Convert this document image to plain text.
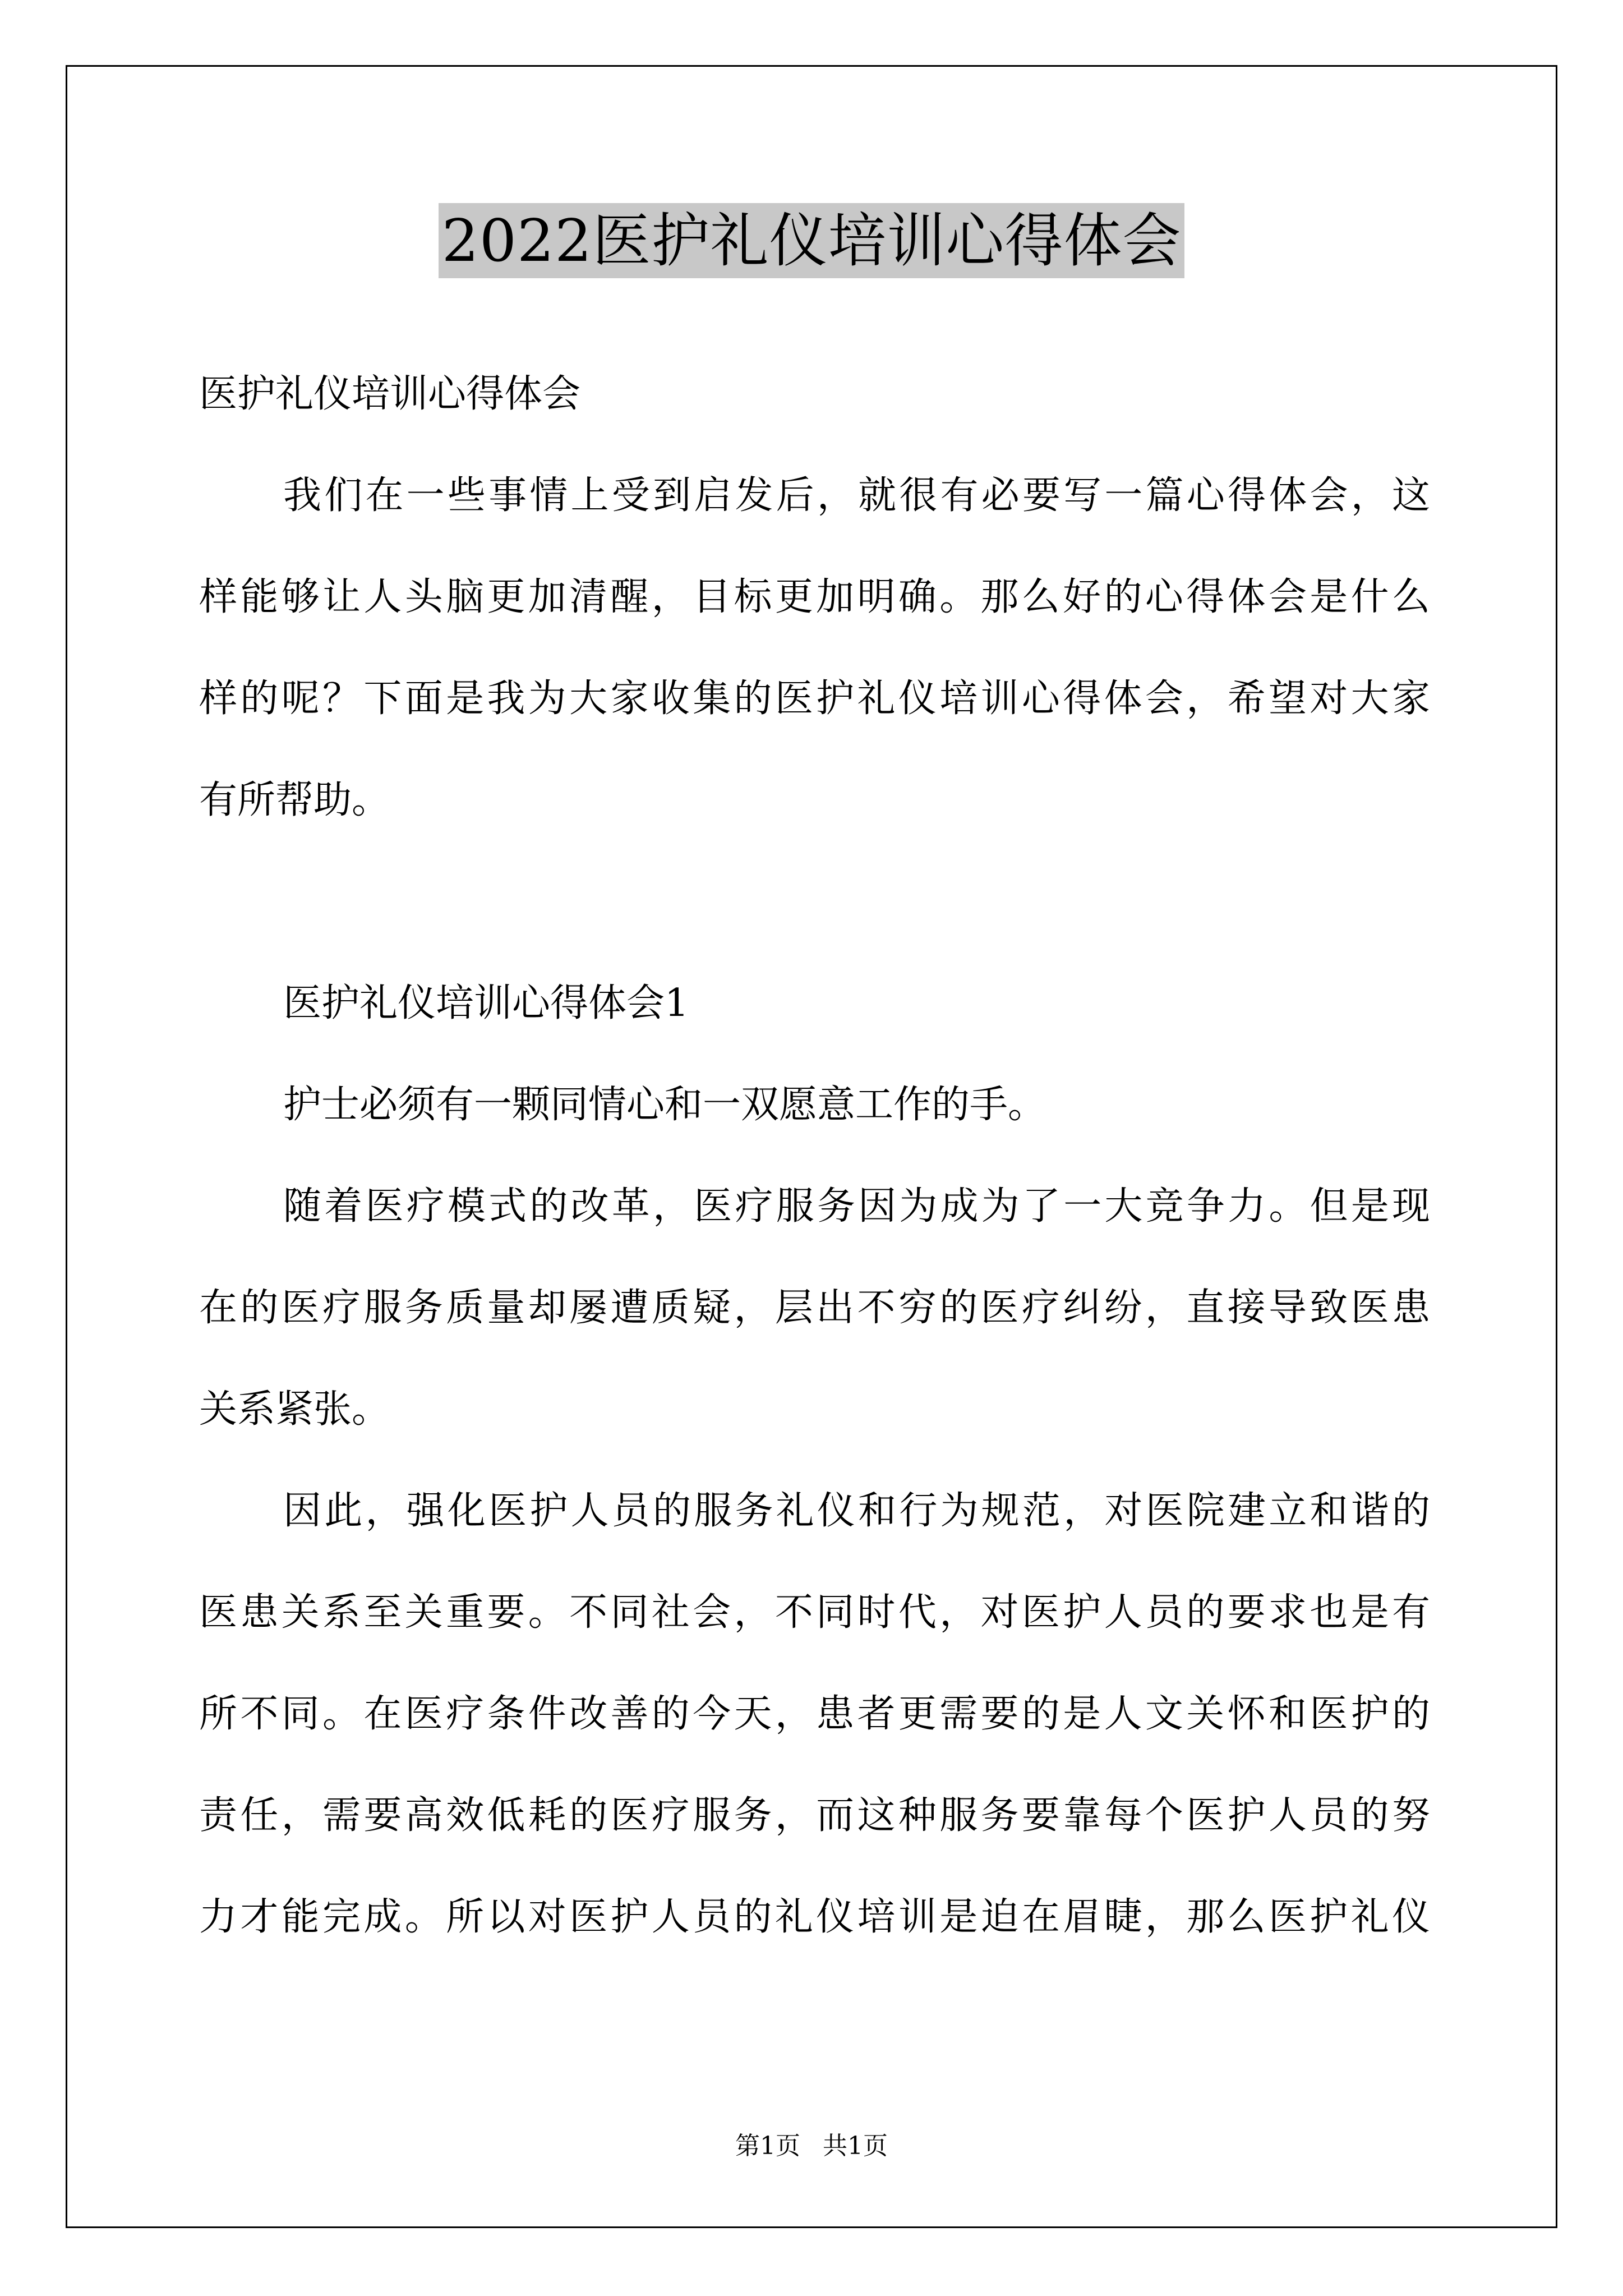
2022医护礼仪培训心得体会
医护礼仪培训心得体会
我们在一些事情上受到启发后，就很有必要写一篇心得体会，这
样能够让人头脑更加清醒，目标更加明确。那么好的心得体会是什么
样的呢？下面是我为大家收集的医护礼仪培训心得体会，希望对大家
有所帮助。
医护礼仪培训心得体会1
护士必须有一颗同情心和一双愿意工作的手。
随着医疗模式的改革，医疗服务因为成为了一大竞争力。但是现
在的医疗服务质量却屡遭质疑，层出不穷的医疗纠纷，直接导致医患
关系紧张。
因此，强化医护人员的服务礼仪和行为规范，对医院建立和谐的
医患关系至关重要。不同社会，不同时代，对医护人员的要求也是有
所不同。在医疗条件改善的今天，患者更需要的是人文关怀和医护的
责任，需要高效低耗的医疗服务，而这种服务要靠每个医护人员的努
力才能完成。所以对医护人员的礼仪培训是迫在眉睫，那么医护礼仪
第1页 共1页
